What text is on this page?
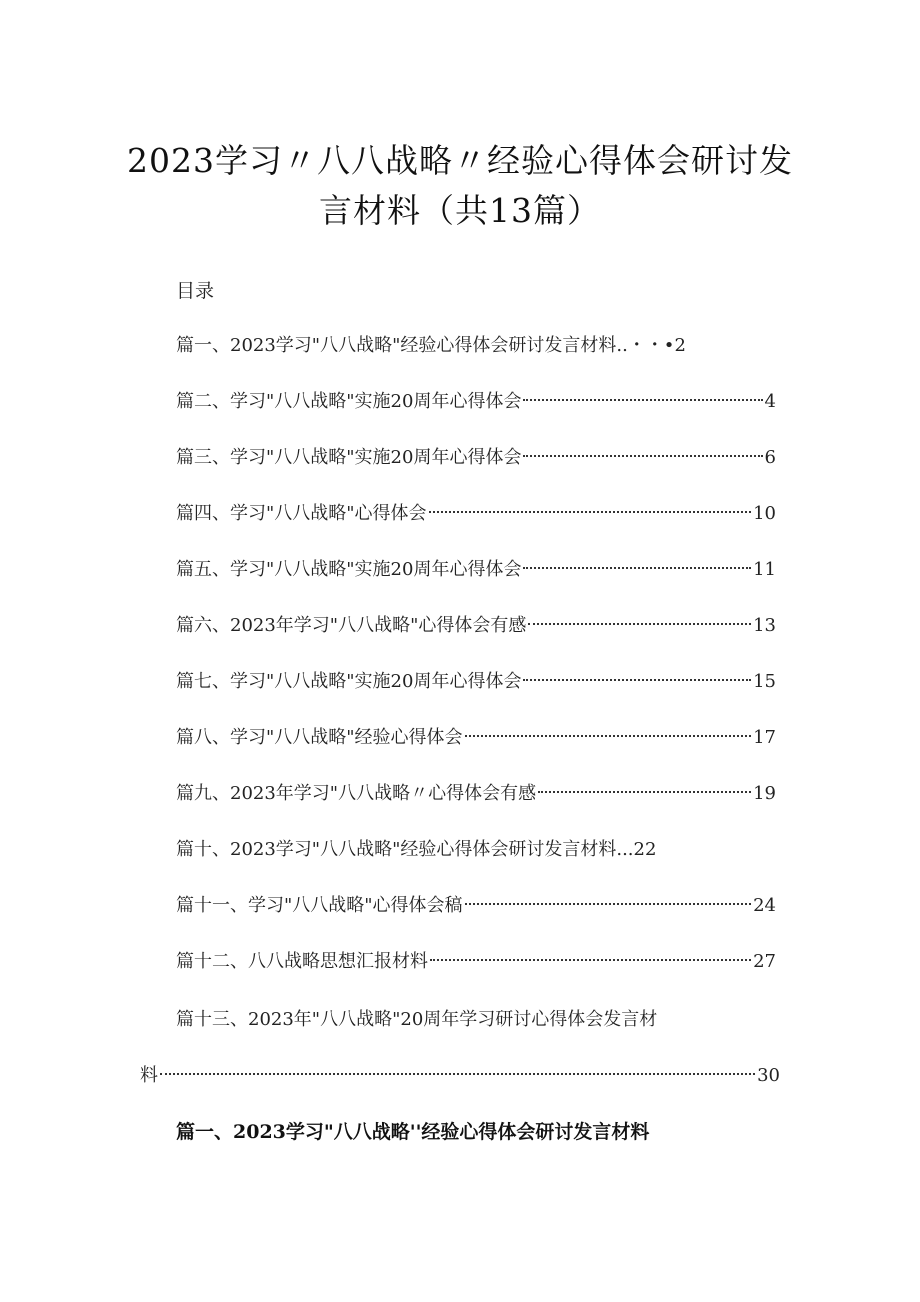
2023学习〃八八战略〃经验心得体会研讨发
言材料（共13篇）
目录
篇一、2023学习"八八战略"经验心得体会研讨发言材料..・・• 2
篇二、学习"八八战略"实施20周年心得体会	4
篇三、学习"八八战略"实施20周年心得体会	6
篇四、学习"八八战略"心得体会	10
篇五、学习"八八战略"实施20周年心得体会	11
篇六、2023年学习"八八战略"心得体会有感	13
篇七、学习"八八战略"实施20周年心得体会	15
篇八、学习"八八战略"经验心得体会	17
篇九、2023年学习"八八战略〃心得体会有感	19
篇十、2023学习"八八战略"经验心得体会研讨发言材料... 22
篇十一、学习"八八战略"心得体会稿	24
篇十二、八八战略思想汇报材料	27
篇十三、2023年"八八战略"20周年学习研讨心得体会发言材
料	30
篇一、2023学习"八八战略''经验心得体会研讨发言材料
